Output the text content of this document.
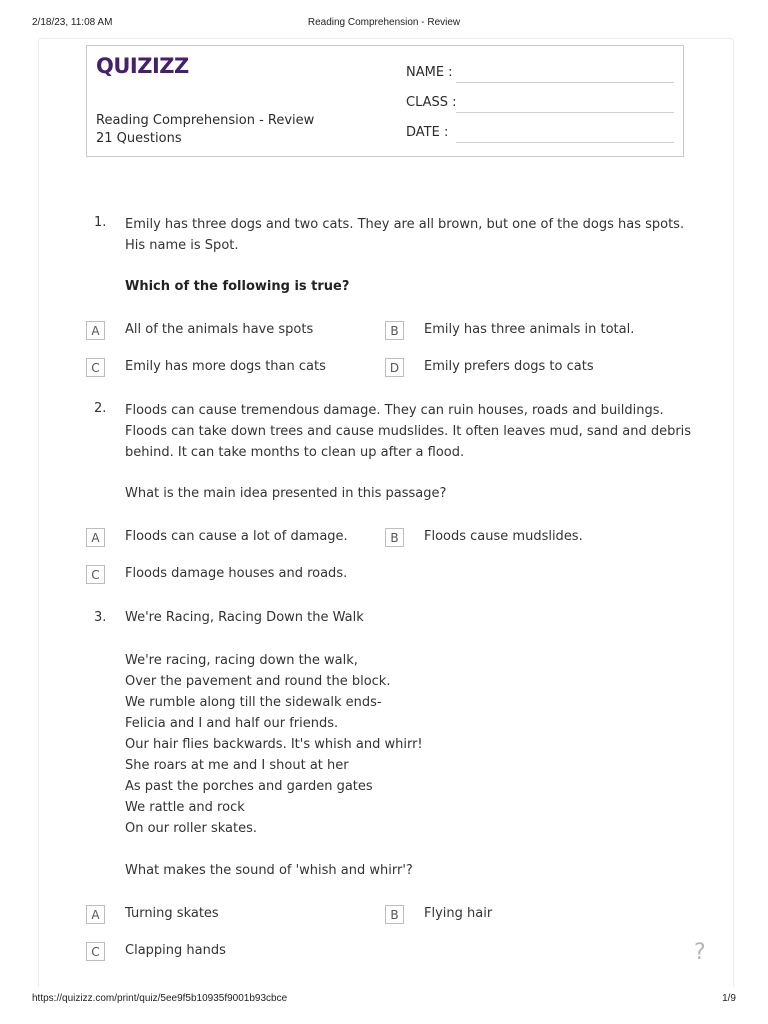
2/18/23, 11:08 AM	Reading Comprehension - Review
QUIZIZZ
Reading Comprehension - Review
21 Questions
NAME :
CLASS :
DATE :
1. Emily has three dogs and two cats. They are all brown, but one of the dogs has spots. His name is Spot.
Which of the following is true?
A	All of the animals have spots	B	Emily has three animals in total.
C	Emily has more dogs than cats	D	Emily prefers dogs to cats
2. Floods can cause tremendous damage. They can ruin houses, roads and buildings. Floods can take down trees and cause mudslides. It often leaves mud, sand and debris behind. It can take months to clean up after a flood.
What is the main idea presented in this passage?
A	Floods can cause a lot of damage.	B	Floods cause mudslides.
C	Floods damage houses and roads.
3. We're Racing, Racing Down the Walk
We're racing, racing down the walk,
Over the pavement and round the block.
We rumble along till the sidewalk ends-
Felicia and I and half our friends.
Our hair flies backwards. It's whish and whirr!
She roars at me and I shout at her
As past the porches and garden gates
We rattle and rock
On our roller skates.
What makes the sound of 'whish and whirr'?
A	Turning skates	B	Flying hair
C	Clapping hands	?
https://quizizz.com/print/quiz/5ee9f5b10935f9001b93cbce	1/9
